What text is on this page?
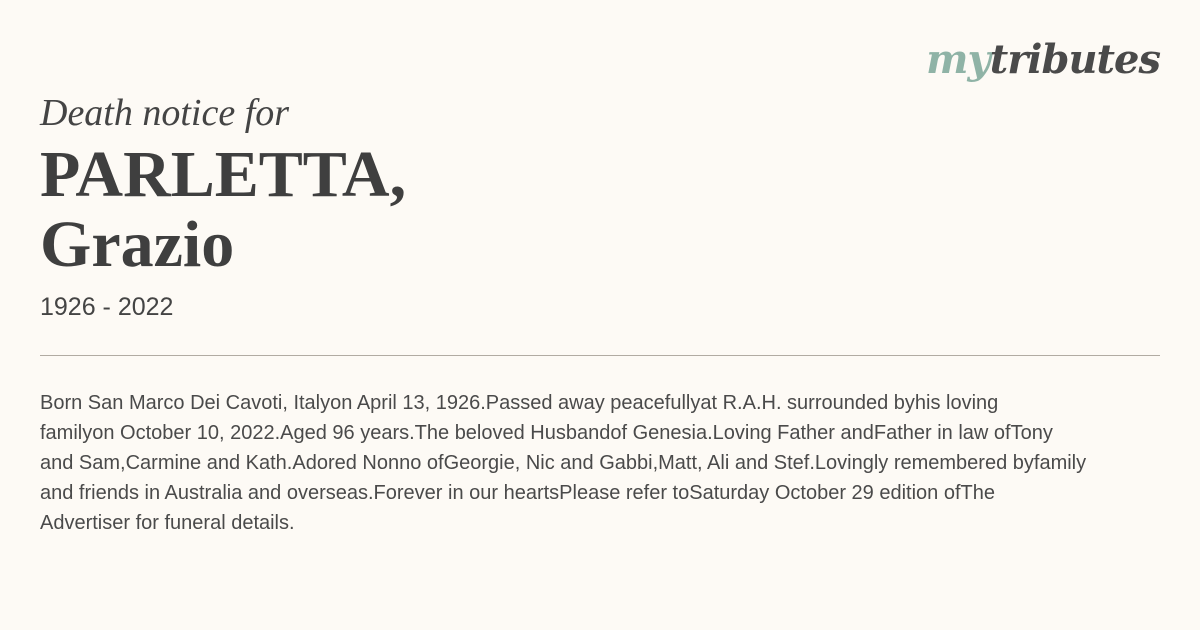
mytributes
Death notice for
PARLETTA,
Grazio
1926 - 2022
Born San Marco Dei Cavoti, Italyon April 13, 1926.Passed away peacefullyat R.A.H. surrounded byhis loving
familyon October 10, 2022.Aged 96 years.The beloved Husbandof Genesia.Loving Father andFather in law ofTony
and Sam,Carmine and Kath.Adored Nonno ofGeorgie, Nic and Gabbi,Matt, Ali and Stef.Lovingly remembered byfamily
and friends in Australia and overseas.Forever in our heartsPlease refer toSaturday October 29 edition ofThe
Advertiser for funeral details.
